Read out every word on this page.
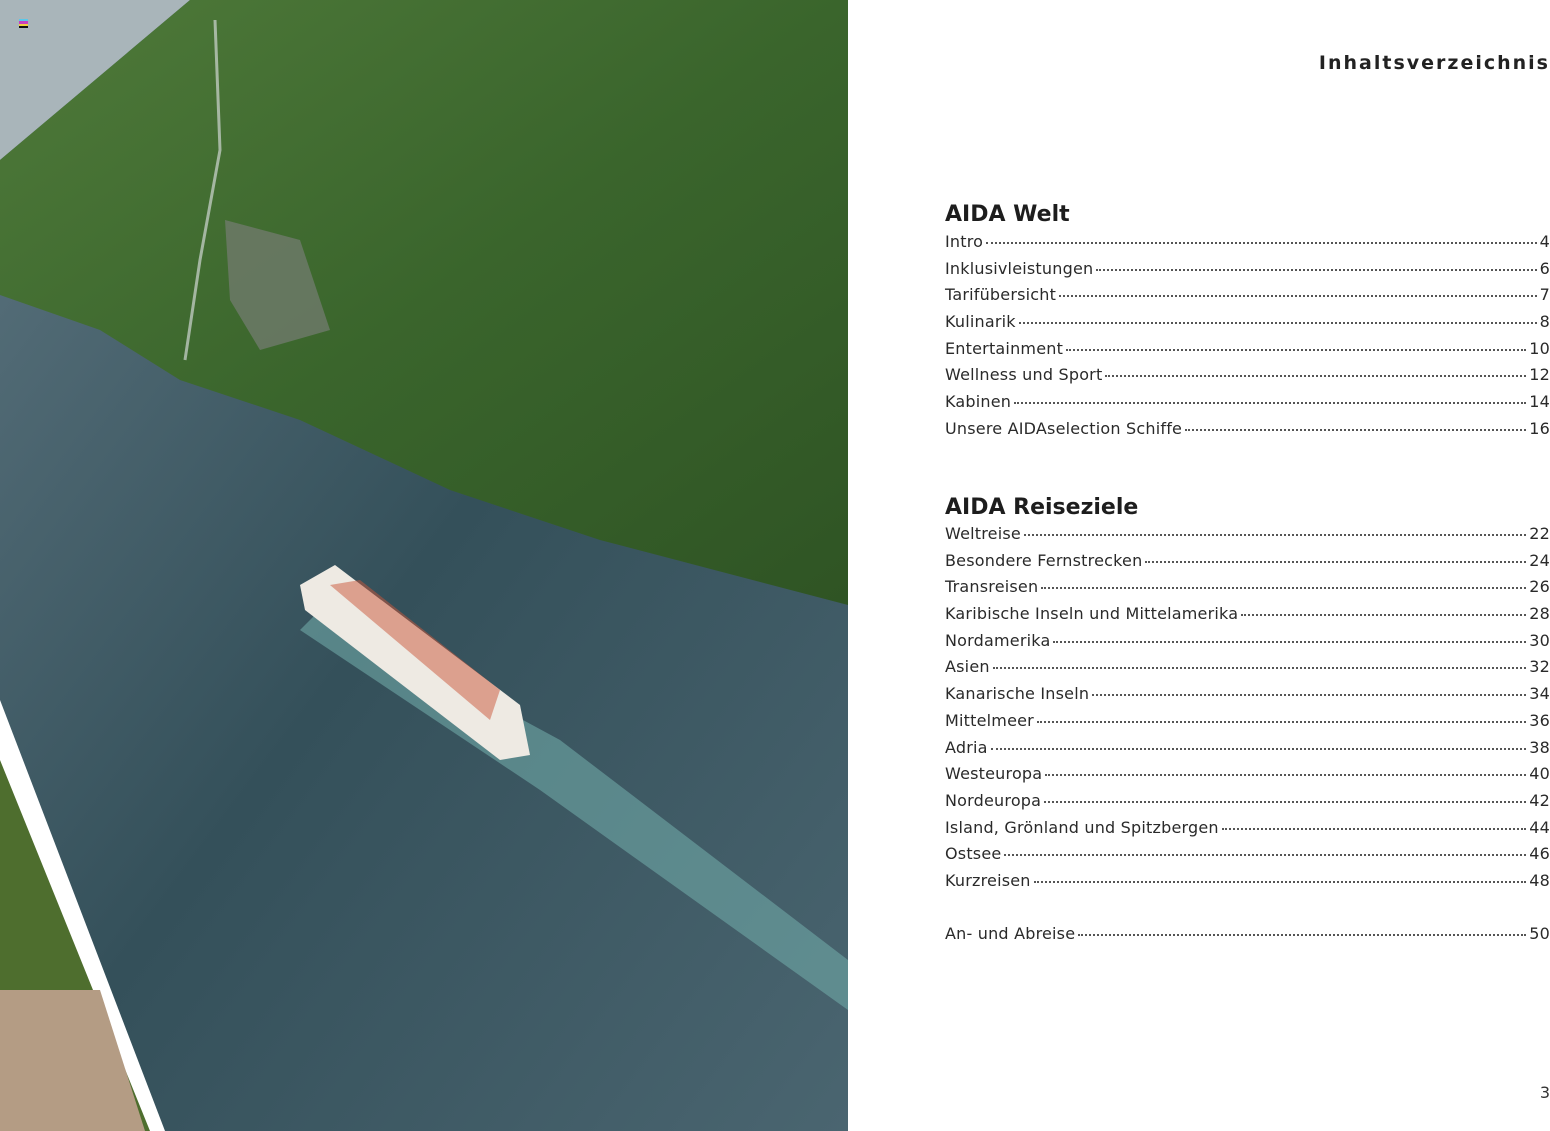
Inhaltsverzeichnis
AIDA Welt
Intro	4
Inklusivleistungen	6
Tarifübersicht	7
Kulinarik	8
Entertainment	10
Wellness und Sport	12
Kabinen	14
Unsere AIDAselection Schiffe	16
AIDA Reiseziele
Weltreise	22
Besondere Fernstrecken	24
Transreisen	26
Karibische Inseln und Mittelamerika	28
Nordamerika	30
Asien	32
Kanarische Inseln	34
Mittelmeer	36
Adria	38
Westeuropa	40
Nordeuropa	42
Island, Grönland und Spitzbergen	44
Ostsee	46
Kurzreisen	48
An- und Abreise	50
3
